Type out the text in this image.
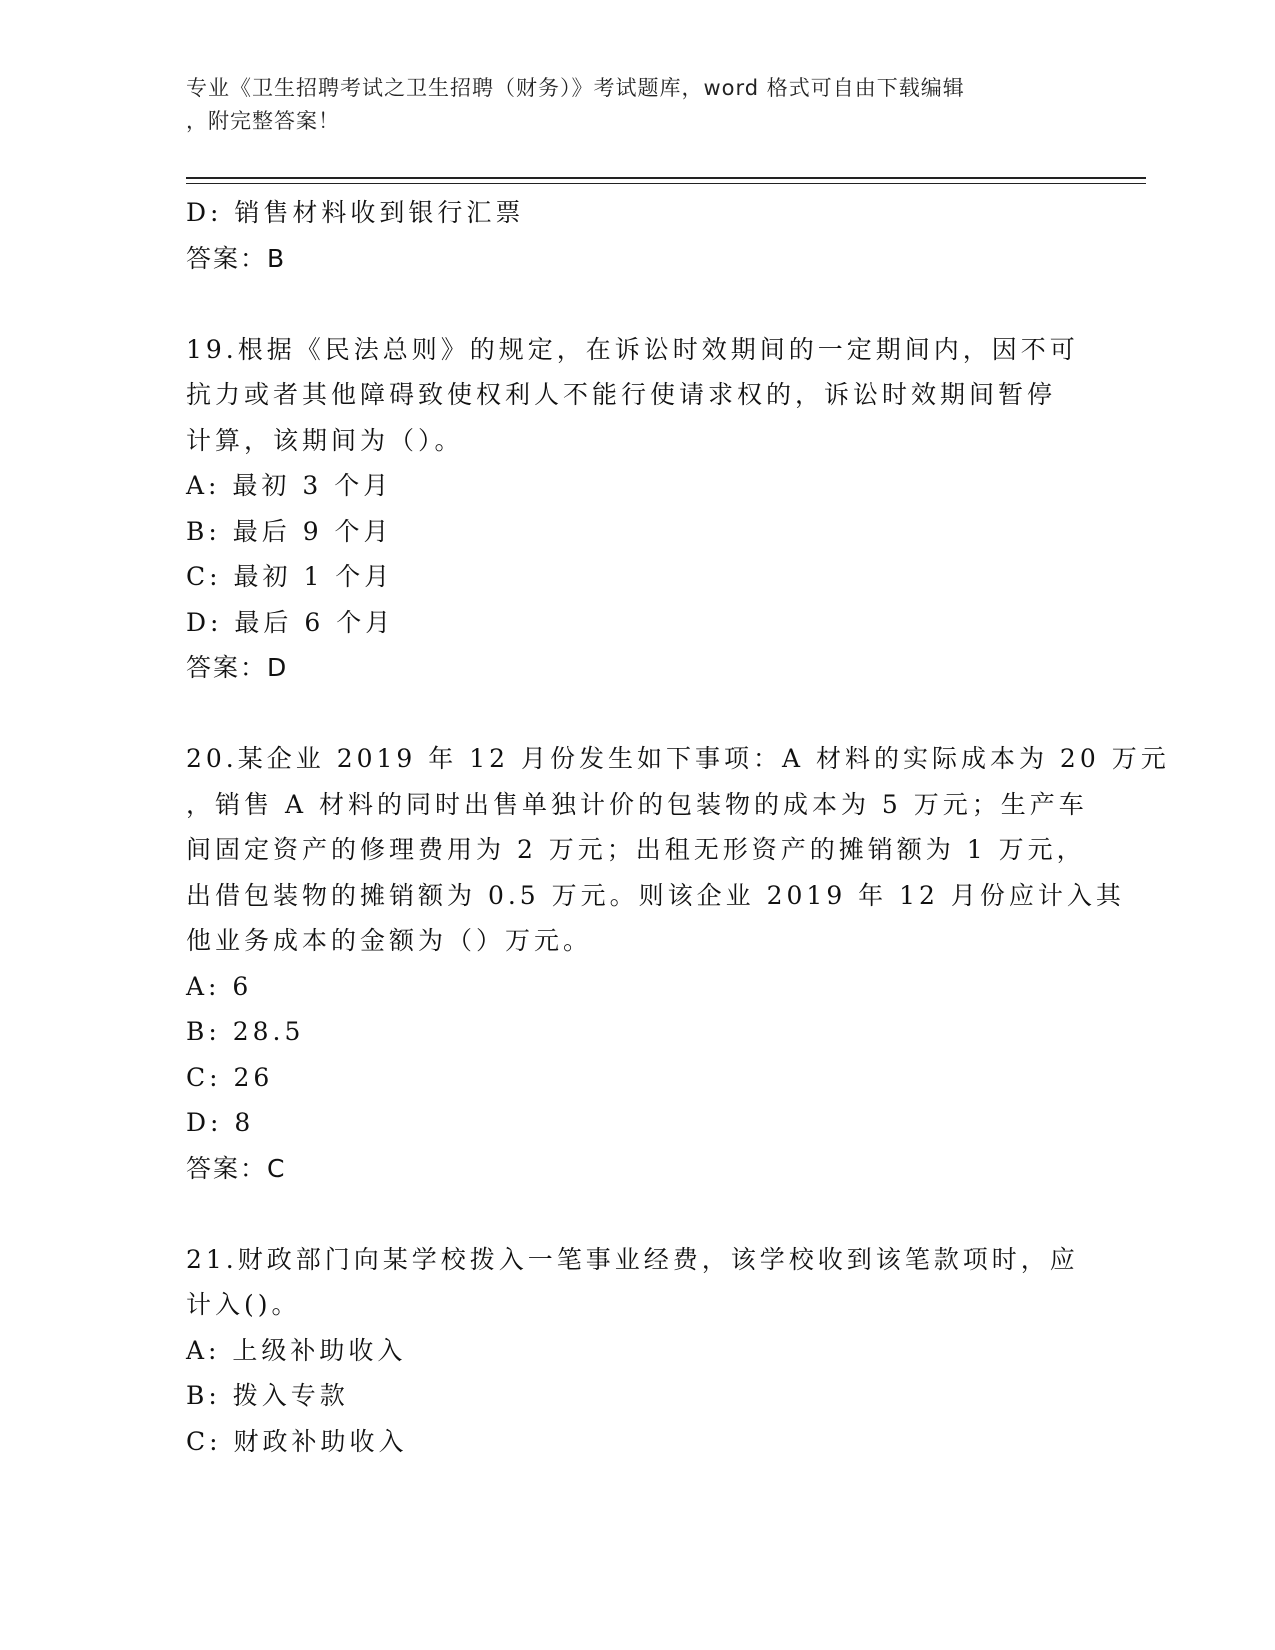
专业《卫生招聘考试之卫生招聘（财务）》考试题库，word 格式可自由下载编辑
，附完整答案！
D: 销售材料收到银行汇票
答案：B
19.根据《民法总则》的规定，在诉讼时效期间的一定期间内，因不可
抗力或者其他障碍致使权利人不能行使请求权的，诉讼时效期间暂停
计算，该期间为（）。
A: 最初 3 个月
B: 最后 9 个月
C: 最初 1 个月
D: 最后 6 个月
答案：D
20.某企业 2019 年 12 月份发生如下事项：A 材料的实际成本为 20 万元
，销售 A 材料的同时出售单独计价的包装物的成本为 5 万元；生产车
间固定资产的修理费用为 2 万元；出租无形资产的摊销额为 1 万元，
出借包装物的摊销额为 0.5 万元。则该企业 2019 年 12 月份应计入其
他业务成本的金额为（）万元。
A: 6
B: 28.5
C: 26
D: 8
答案：C
21.财政部门向某学校拨入一笔事业经费，该学校收到该笔款项时，应
计入()。
A: 上级补助收入
B: 拨入专款
C: 财政补助收入
